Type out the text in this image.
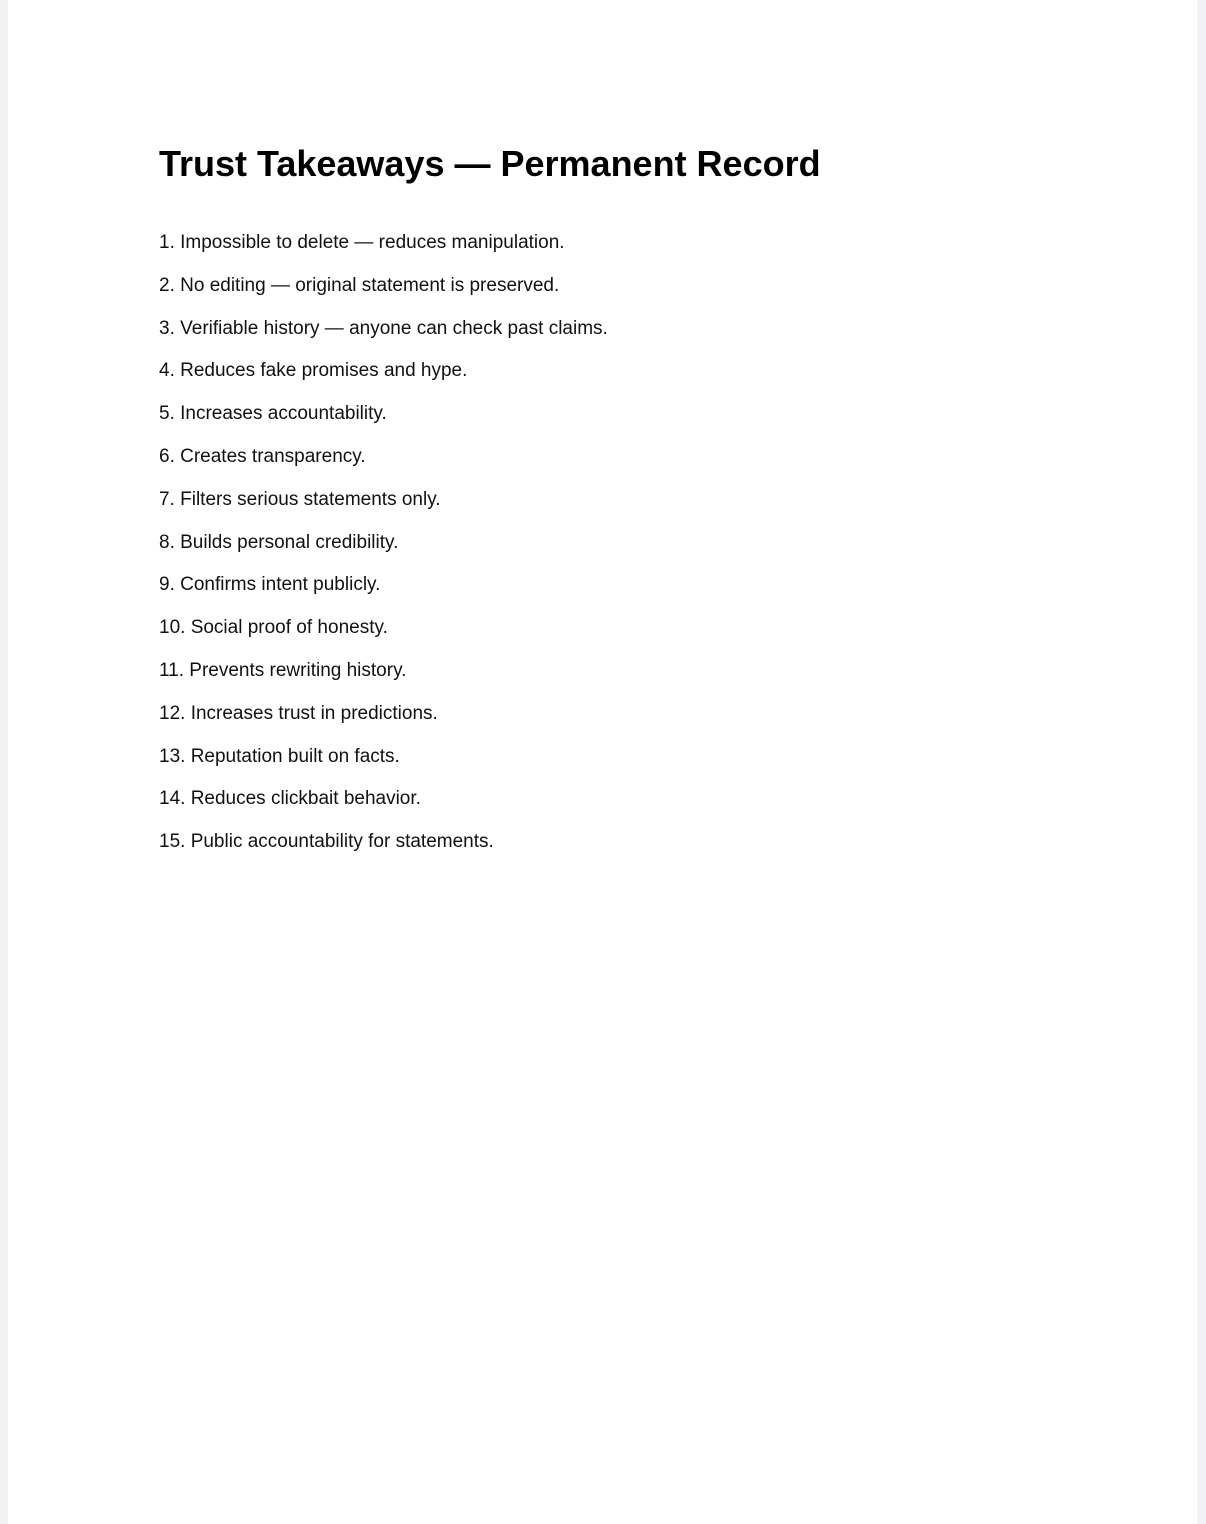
Trust Takeaways — Permanent Record
1. Impossible to delete — reduces manipulation.
2. No editing — original statement is preserved.
3. Verifiable history — anyone can check past claims.
4. Reduces fake promises and hype.
5. Increases accountability.
6. Creates transparency.
7. Filters serious statements only.
8. Builds personal credibility.
9. Confirms intent publicly.
10. Social proof of honesty.
11. Prevents rewriting history.
12. Increases trust in predictions.
13. Reputation built on facts.
14. Reduces clickbait behavior.
15. Public accountability for statements.
